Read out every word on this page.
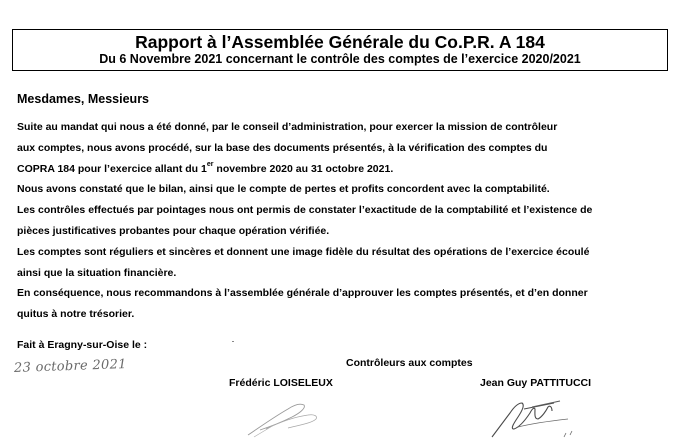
Rapport à l’Assemblée Générale du Co.P.R. A 184
Du 6 Novembre 2021 concernant le contrôle des comptes de l’exercice 2020/2021
Mesdames, Messieurs
Suite au mandat qui nous a été donné, par le conseil d’administration, pour exercer la mission de contrôleur
aux comptes, nous avons procédé, sur la base des documents présentés, à la vérification des comptes du
COPRA 184 pour l’exercice allant du 1er novembre 2020 au 31 octobre 2021.
Nous avons constaté que le bilan, ainsi que le compte de pertes et profits concordent avec la comptabilité.
Les contrôles effectués par pointages nous ont permis de constater l’exactitude de la comptabilité et l’existence de
pièces justificatives probantes pour chaque opération vérifiée.
Les comptes sont réguliers et sincères et donnent une image fidèle du résultat des opérations de l’exercice écoulé
ainsi que la situation financière.
En conséquence, nous recommandons à l’assemblée générale d’approuver les comptes présentés, et d’en donner
quitus à notre trésorier.
Fait à Eragny-sur-Oise le :
23 octobre 2021	Contrôleurs aux comptes
Frédéric LOISELEUX	Jean Guy PATTITUCCI
